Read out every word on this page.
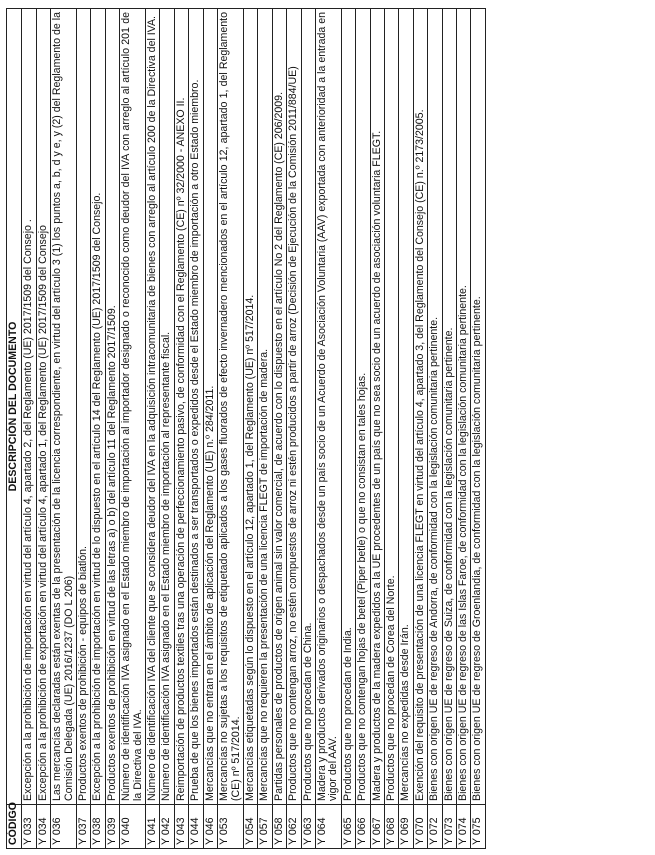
CÓDIGO	DESCRIPCIÓN DEL DOCUMENTO
Y 033	Excepción a la prohibición de importación en virtud del artículo 4, apartado 2, del Reglamento (UE) 2017/1509 del Consejo .
Y 034	Excepción a la prohibición de exportación en virtud del artículo 4, apartado 1, del Reglamento (UE) 2017/1509 del Consejo
Y 036	Las mercancías declaradas están exentas de la presentación de la licencia correspondiente, en virtud del artículo 3 (1) los puntos a, b, d y e, y (2) del Reglamento de la Comisión Delegada (UE) 2016/1237 (DO L 206)
Y 037	Productos exentos de prohibición - equipos de biatlón.
Y 038	Excepción a la prohibición de importación en virtud de lo dispuesto en el artículo 14 del Reglamento (UE) 2017/1509 del Consejo.
Y 039	Productos exentos de prohibición en virtud de las letras a) o b) del artículo 11 del Reglamento 2017/1509.
Y 040	Número de identificación IVA asignado en el Estado miembro de importación al importador designado o reconocido como deudor del IVA con arreglo al artículo 201 de la Directiva del IVA.
Y 041	Número de identificación IVA del cliente que se considera deudor del IVA en la adquisición intracomunitaria de bienes con arreglo al artículo 200 de la Directiva del IVA.
Y 042	Número de identificación IVA asignado en el Estado miembro de importación al representante fiscal.
Y 043	Reimportación de productos textiles tras una operación de perfeccionamiento pasivo, de conformidad con el Reglamento (CE) nº 32/2000 - ANEXO II.
Y 044	Prueba de que los bienes importados están destinados a ser transportados o expedidos desde el Estado miembro de importación a otro Estado miembro.
Y 046	Mercancías que no entran en el ámbito de aplicación del Reglamento (UE) n.º 284/2011.
Y 053	Mercancías no sujetas a los requisitos de etiquetado aplicados a los gases fluorados de efecto invernadero mencionados en el artículo 12, apartado 1, del Reglamento (CE) nº 517/2014.
Y 054	Mercancías etiquetadas según lo dispuesto en el artículo 12, apartado 1, del Reglamento (UE) nº 517/2014.
Y 057	Mercancías que no requieren la presentación de una licencia FLEGT de importación de madera.
Y 058	Partidas personales de productos de origen animal sin valor comercial, de acuerdo con lo dispuesto en el artículo No 2 del Reglamento (CE) 206/2009.
Y 062	Productos que no contengan arroz, no estén compuestos de arroz ni estén producidos a partir de arroz (Decisión de Ejecución de la Comisión 2011/884/UE)
Y 063	Productos que no procedan de China.
Y 064	Madera y productos derivados originarios o despachados desde un país socio de un Acuerdo de Asociación Voluntaria (AAV) exportada con anterioridad a la entrada en vigor del AAV.
Y 065	Productos que no procedan de India.
Y 066	Productos que no contengan hojas de betel (Piper betle) o que no consistan en tales hojas.
Y 067	Madera y productos de la madera expedidos a la UE procedentes de un país que no sea socio de un acuerdo de asociación voluntaria FLEGT.
Y 068	Productos que no procedan de Corea del Norte.
Y 069	Mercancías no expedidas desde Irán.
Y 070	Exención del requisito de presentación de una licencia FLEGT en virtud del artículo 4, apartado 3, del Reglamento del Consejo (CE) n.º 2173/2005.
Y 072	Bienes con origen UE de regreso de Andorra, de conformidad con la legislación comunitaria pertinente.
Y 073	Bienes con origen UE de regreso de Suiza, de conformidad con la legislación comunitaria pertinente.
Y 074	Bienes con origen UE de regreso de las Islas Faroe, de conformidad con la legislación comunitaria pertinente.
Y 075	Bienes con origen UE de regreso de Groenlandia, de conformidad con la legislación comunitaria pertinente.
